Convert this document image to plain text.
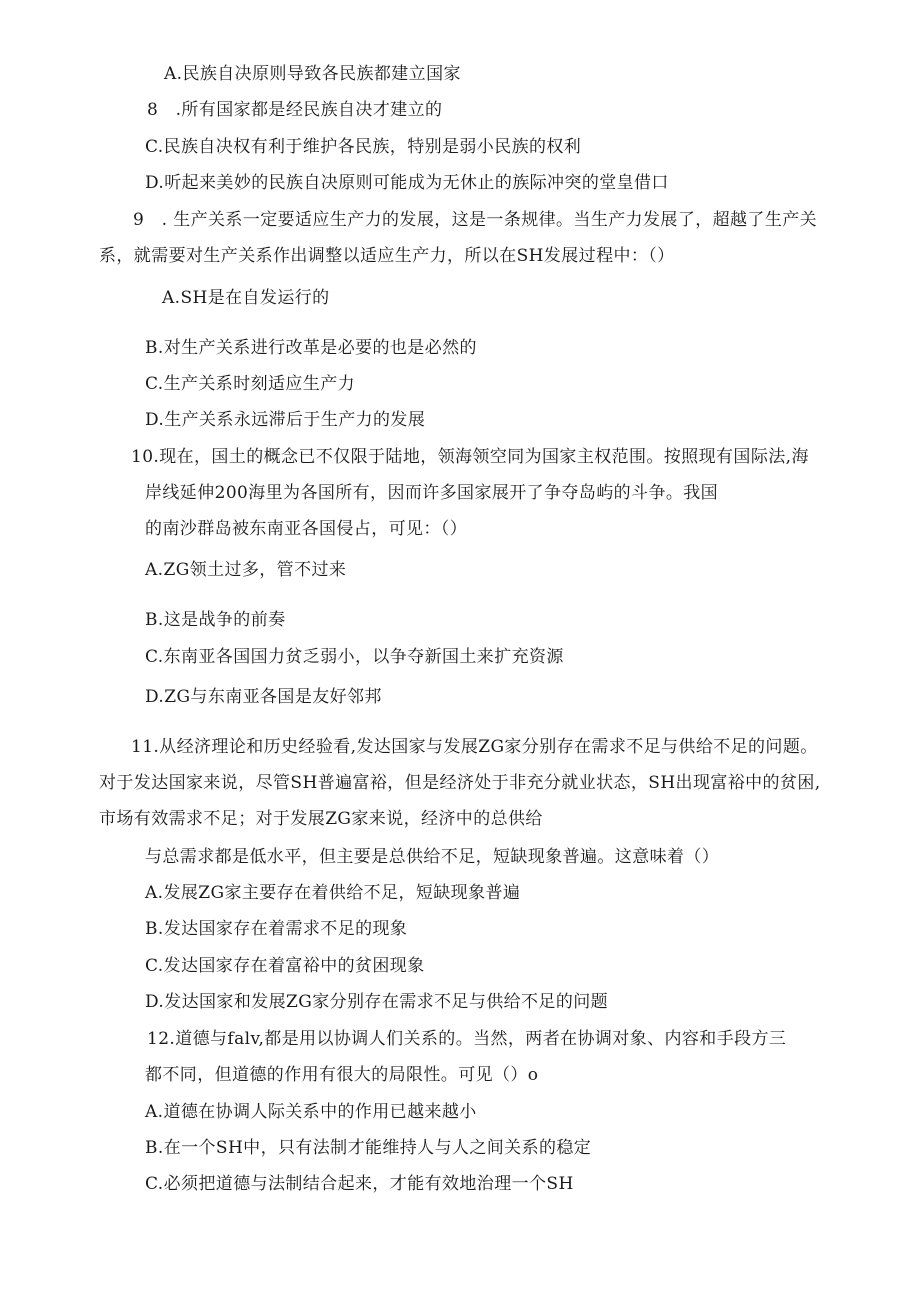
A.民族自决原则导致各民族都建立国家
8　.所有国家都是经民族自决才建立的
C.民族自决权有利于维护各民族，特别是弱小民族的权利
D.听起来美妙的民族自决原则可能成为无休止的族际冲突的堂皇借口
9　. 生产关系一定要适应生产力的发展，这是一条规律。当生产力发展了，超越了生产关
系，就需要对生产关系作出调整以适应生产力，所以在SH发展过程中：（）
A.SH是在自发运行的
B.对生产关系进行改革是必要的也是必然的
C.生产关系时刻适应生产力
D.生产关系永远滞后于生产力的发展
10.现在，国土的概念已不仅限于陆地，领海领空同为国家主权范围。按照现有国际法,海
岸线延伸200海里为各国所有，因而许多国家展开了争夺岛屿的斗争。我国
的南沙群岛被东南亚各国侵占，可见：（）
A.ZG领土过多，管不过来
B.这是战争的前奏
C.东南亚各国国力贫乏弱小，以争夺新国土来扩充资源
D.ZG与东南亚各国是友好邻邦
11.从经济理论和历史经验看,发达国家与发展ZG家分别存在需求不足与供给不足的问题。
对于发达国家来说，尽管SH普遍富裕，但是经济处于非充分就业状态，SH出现富裕中的贫困,
市场有效需求不足；对于发展ZG家来说，经济中的总供给
与总需求都是低水平，但主要是总供给不足，短缺现象普遍。这意味着（）
A.发展ZG家主要存在着供给不足，短缺现象普遍
B.发达国家存在着需求不足的现象
C.发达国家存在着富裕中的贫困现象
D.发达国家和发展ZG家分别存在需求不足与供给不足的问题
12.道德与falv,都是用以协调人们关系的。当然，两者在协调对象、内容和手段方三
都不同，但道德的作用有很大的局限性。可见（）o
A.道德在协调人际关系中的作用已越来越小
B.在一个SH中，只有法制才能维持人与人之间关系的稳定
C.必须把道德与法制结合起来，才能有效地治理一个SH
